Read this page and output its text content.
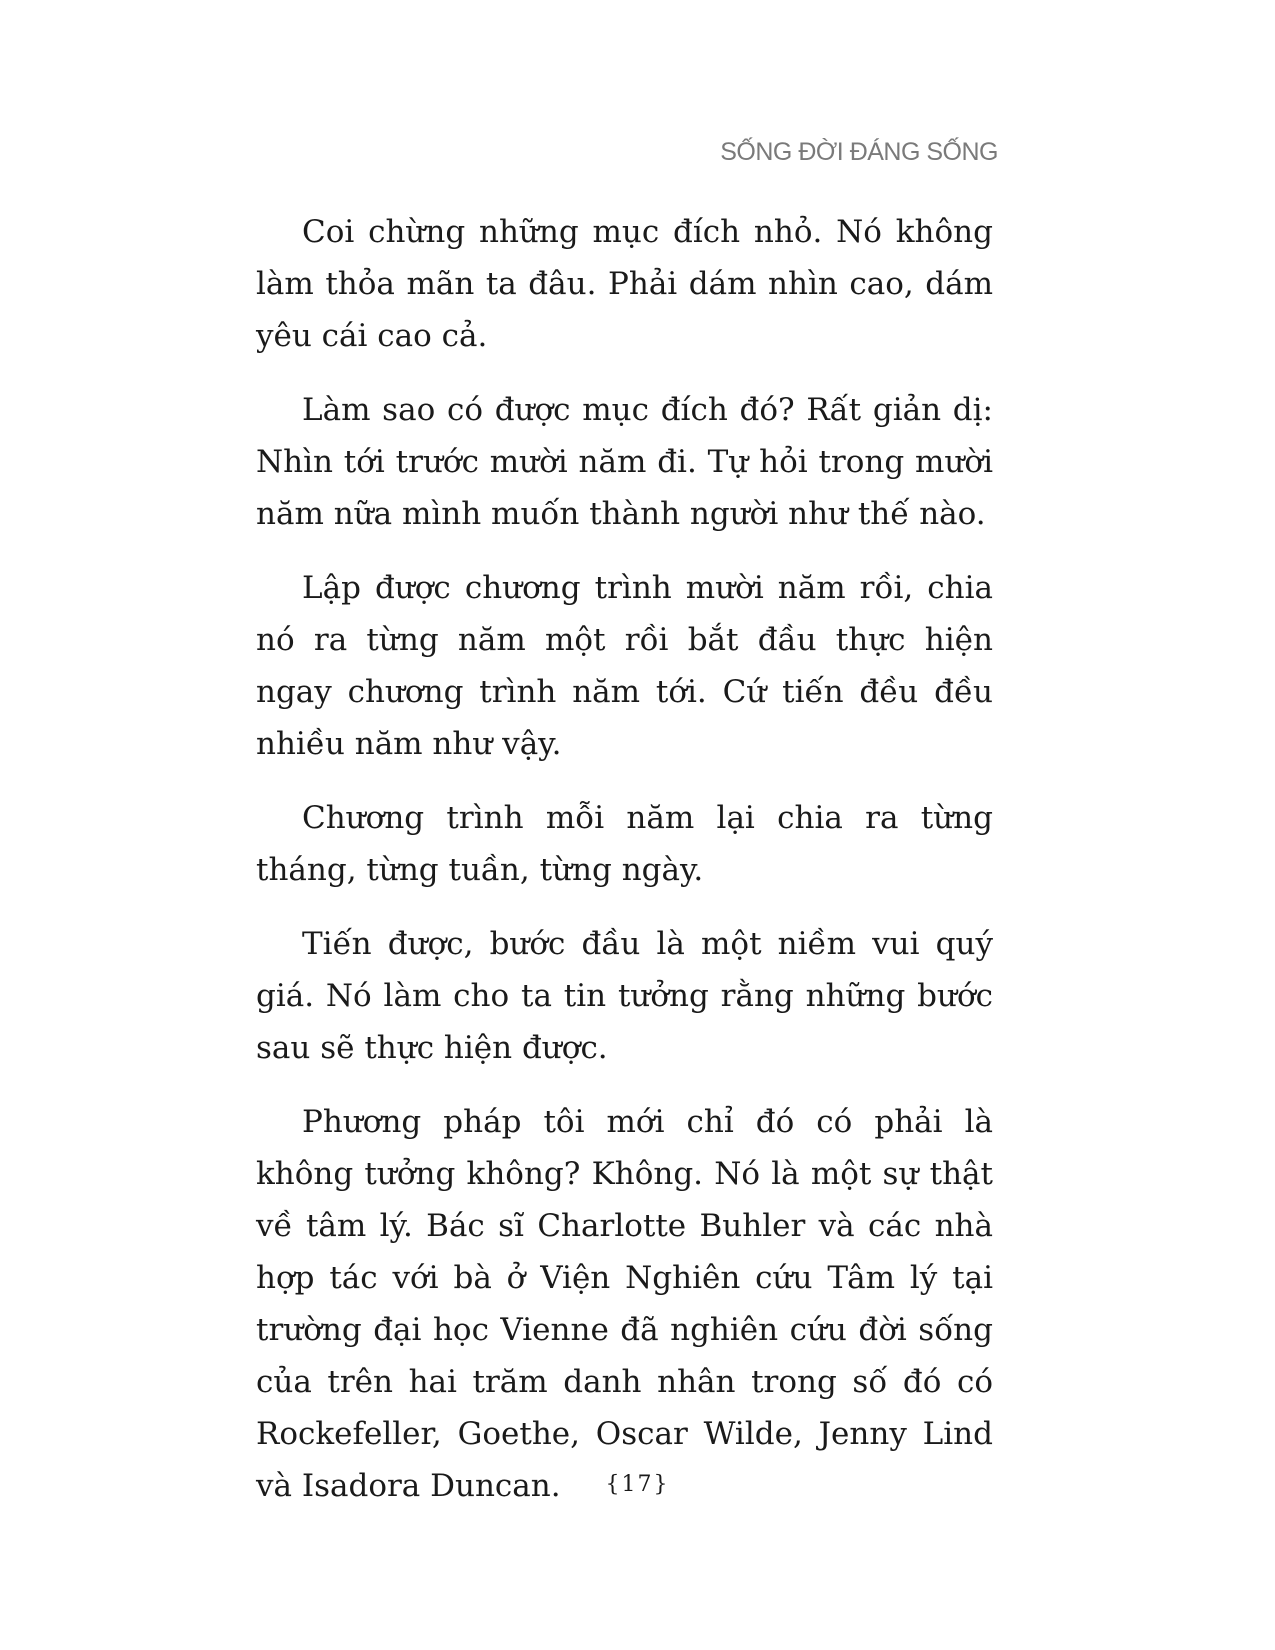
SỐNG ĐỜI ĐÁNG SỐNG

Coi chừng những mục đích nhỏ. Nó không làm thỏa mãn ta đâu. Phải dám nhìn cao, dám yêu cái cao cả.

Làm sao có được mục đích đó? Rất giản dị: Nhìn tới trước mười năm đi. Tự hỏi trong mười năm nữa mình muốn thành người như thế nào.

Lập được chương trình mười năm rồi, chia nó ra từng năm một rồi bắt đầu thực hiện ngay chương trình năm tới. Cứ tiến đều đều nhiều năm như vậy.

Chương trình mỗi năm lại chia ra từng tháng, từng tuần, từng ngày.

Tiến được, bước đầu là một niềm vui quý giá. Nó làm cho ta tin tưởng rằng những bước sau sẽ thực hiện được.

Phương pháp tôi mới chỉ đó có phải là không tưởng không? Không. Nó là một sự thật về tâm lý. Bác sĩ Charlotte Buhler và các nhà hợp tác với bà ở Viện Nghiên cứu Tâm lý tại trường đại học Vienne đã nghiên cứu đời sống của trên hai trăm danh nhân trong số đó có Rockefeller, Goethe, Oscar Wilde, Jenny Lind và Isadora Duncan.	{17}
